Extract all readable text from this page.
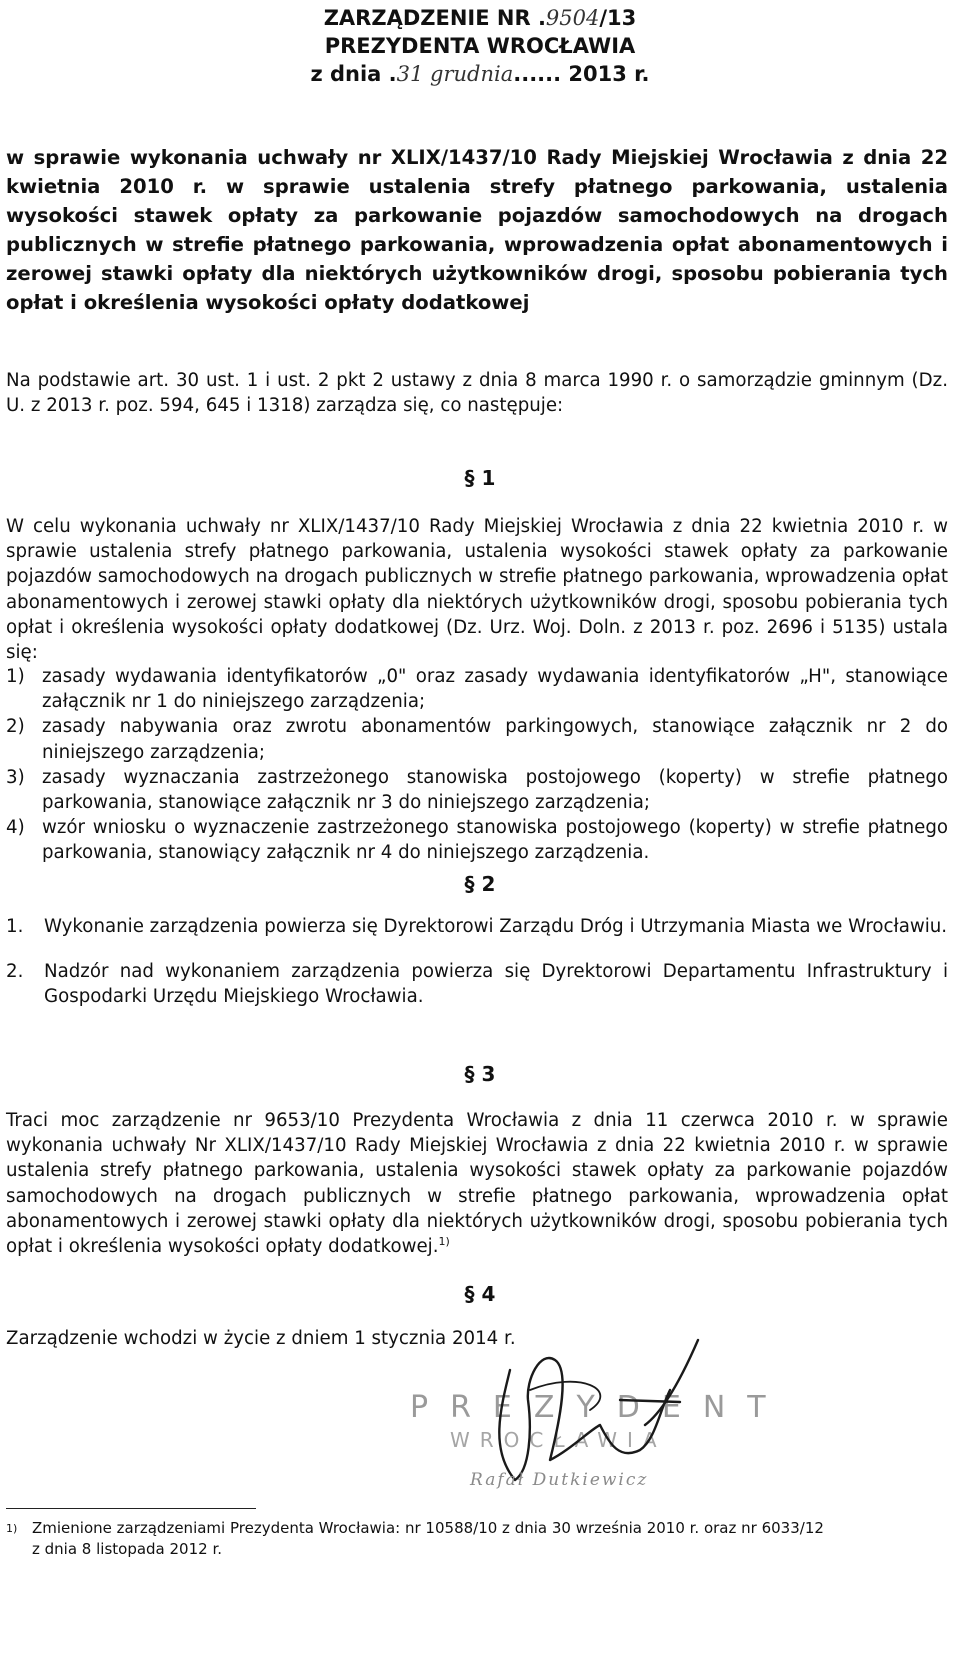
ZARZĄDZENIE NR .9504/13
PREZYDENTA WROCŁAWIA
z dnia .31 grudnia...... 2013 r.
w sprawie wykonania uchwały nr XLIX/1437/10 Rady Miejskiej Wrocławia z dnia 22 kwietnia 2010 r. w sprawie ustalenia strefy płatnego parkowania, ustalenia wysokości stawek opłaty za parkowanie pojazdów samochodowych na drogach publicznych w strefie płatnego parkowania, wprowadzenia opłat abonamentowych i zerowej stawki opłaty dla niektórych użytkowników drogi, sposobu pobierania tych opłat i określenia wysokości opłaty dodatkowej
Na podstawie art. 30 ust. 1 i ust. 2 pkt 2 ustawy z dnia 8 marca 1990 r. o samorządzie gminnym (Dz. U. z 2013 r. poz. 594, 645 i 1318) zarządza się, co następuje:
§ 1
W celu wykonania uchwały nr XLIX/1437/10 Rady Miejskiej Wrocławia z dnia 22 kwietnia 2010 r. w sprawie ustalenia strefy płatnego parkowania, ustalenia wysokości stawek opłaty za parkowanie pojazdów samochodowych na drogach publicznych w strefie płatnego parkowania, wprowadzenia opłat abonamentowych i zerowej stawki opłaty dla niektórych użytkowników drogi, sposobu pobierania tych opłat i określenia wysokości opłaty dodatkowej (Dz. Urz. Woj. Doln. z 2013 r. poz. 2696 i 5135) ustala się:
1) zasady wydawania identyfikatorów „0" oraz zasady wydawania identyfikatorów „H", stanowiące załącznik nr 1 do niniejszego zarządzenia;
2) zasady nabywania oraz zwrotu abonamentów parkingowych, stanowiące załącznik nr 2 do niniejszego zarządzenia;
3) zasady wyznaczania zastrzeżonego stanowiska postojowego (koperty) w strefie płatnego parkowania, stanowiące załącznik nr 3 do niniejszego zarządzenia;
4) wzór wniosku o wyznaczenie zastrzeżonego stanowiska postojowego (koperty) w strefie płatnego parkowania, stanowiący załącznik nr 4 do niniejszego zarządzenia.
§ 2
1. Wykonanie zarządzenia powierza się Dyrektorowi Zarządu Dróg i Utrzymania Miasta we Wrocławiu.
2. Nadzór nad wykonaniem zarządzenia powierza się Dyrektorowi Departamentu Infrastruktury i Gospodarki Urzędu Miejskiego Wrocławia.
§ 3
Traci moc zarządzenie nr 9653/10 Prezydenta Wrocławia z dnia 11 czerwca 2010 r. w sprawie wykonania uchwały Nr XLIX/1437/10 Rady Miejskiej Wrocławia z dnia 22 kwietnia 2010 r. w sprawie ustalenia strefy płatnego parkowania, ustalenia wysokości stawek opłaty za parkowanie pojazdów samochodowych na drogach publicznych w strefie płatnego parkowania, wprowadzenia opłat abonamentowych i zerowej stawki opłaty dla niektórych użytkowników drogi, sposobu pobierania tych opłat i określenia wysokości opłaty dodatkowej.$^{1)}$
§ 4
Zarządzenie wchodzi w życie z dniem 1 stycznia 2014 r.
PREZYDENT
WROCŁAWIA
Rafał Dutkiewicz
1) Zmienione zarządzeniami Prezydenta Wrocławia: nr 10588/10 z dnia 30 września 2010 r. oraz nr 6033/12
z dnia 8 listopada 2012 r.
